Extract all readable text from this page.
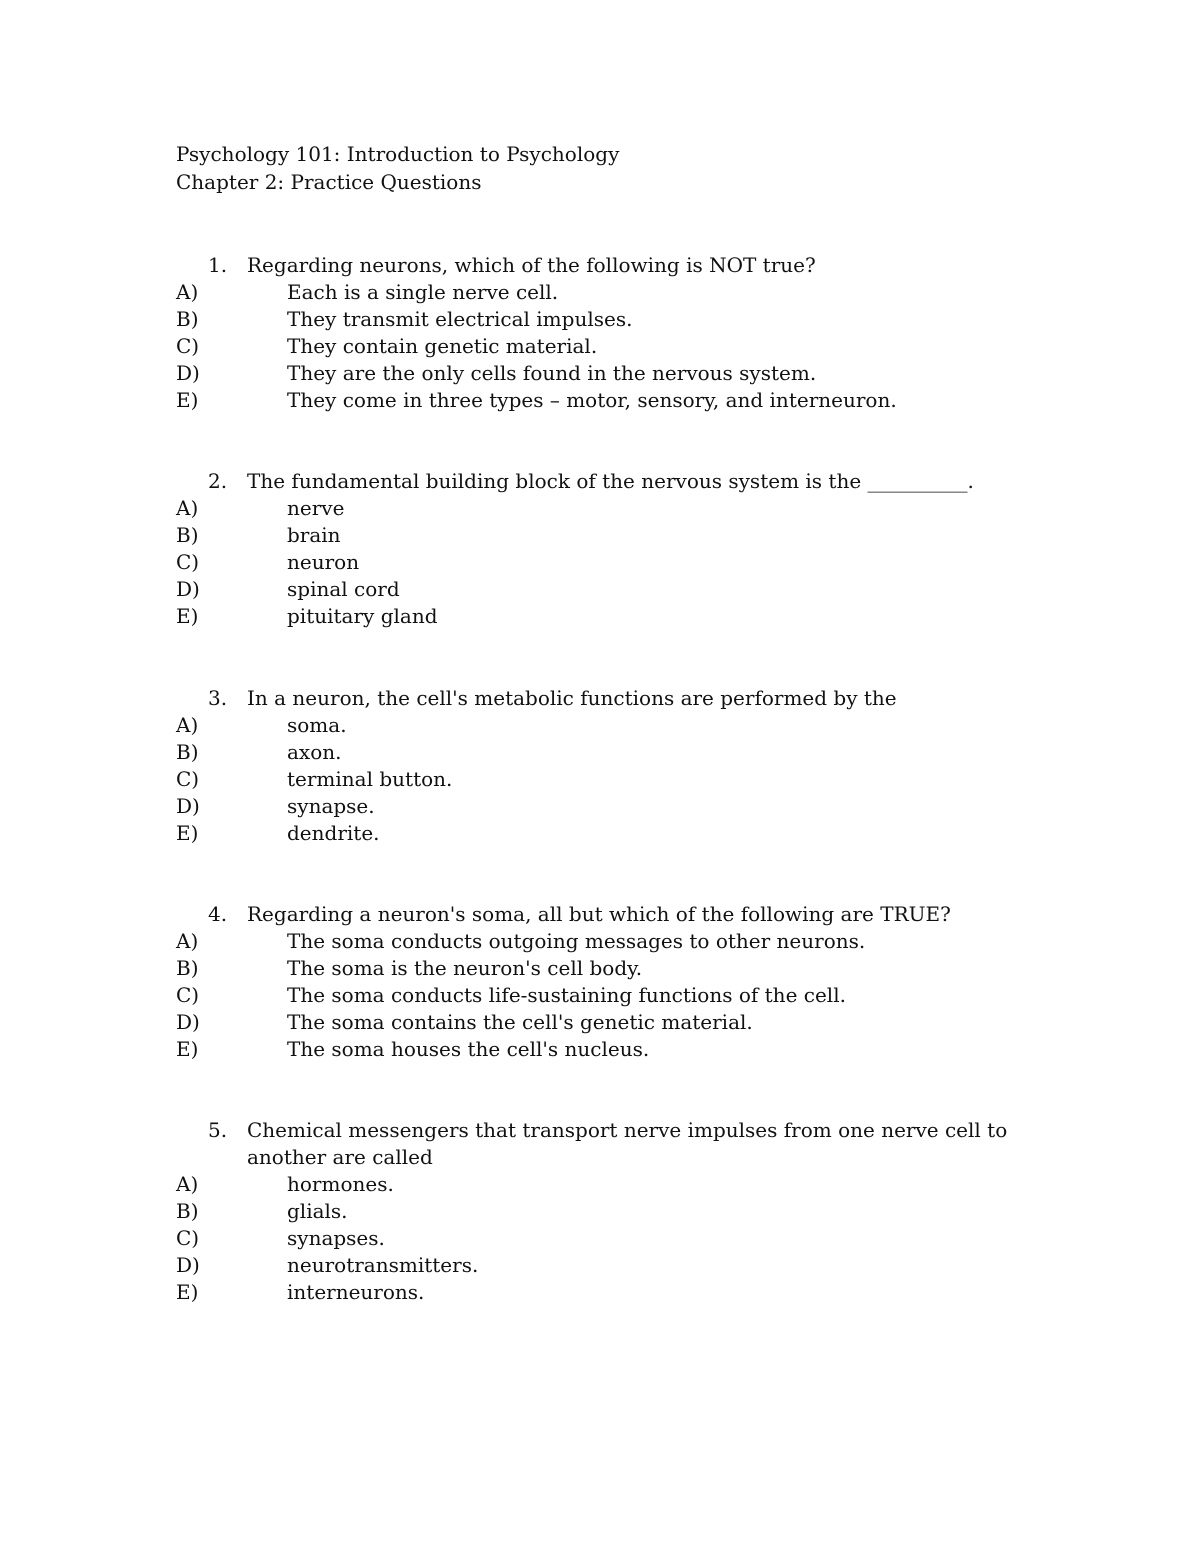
Psychology 101: Introduction to Psychology
Chapter 2: Practice Questions
1. Regarding neurons, which of the following is NOT true?
A)	Each is a single nerve cell.
B)	They transmit electrical impulses.
C)	They contain genetic material.
D)	They are the only cells found in the nervous system.
E)	They come in three types – motor, sensory, and interneuron.
2. The fundamental building block of the nervous system is the __________.
A)	nerve
B)	brain
C)	neuron
D)	spinal cord
E)	pituitary gland
3. In a neuron, the cell's metabolic functions are performed by the
A)	soma.
B)	axon.
C)	terminal button.
D)	synapse.
E)	dendrite.
4. Regarding a neuron's soma, all but which of the following are TRUE?
A)	The soma conducts outgoing messages to other neurons.
B)	The soma is the neuron's cell body.
C)	The soma conducts life-sustaining functions of the cell.
D)	The soma contains the cell's genetic material.
E)	The soma houses the cell's nucleus.
5. Chemical messengers that transport nerve impulses from one nerve cell to another are called
A)	hormones.
B)	glials.
C)	synapses.
D)	neurotransmitters.
E)	interneurons.
